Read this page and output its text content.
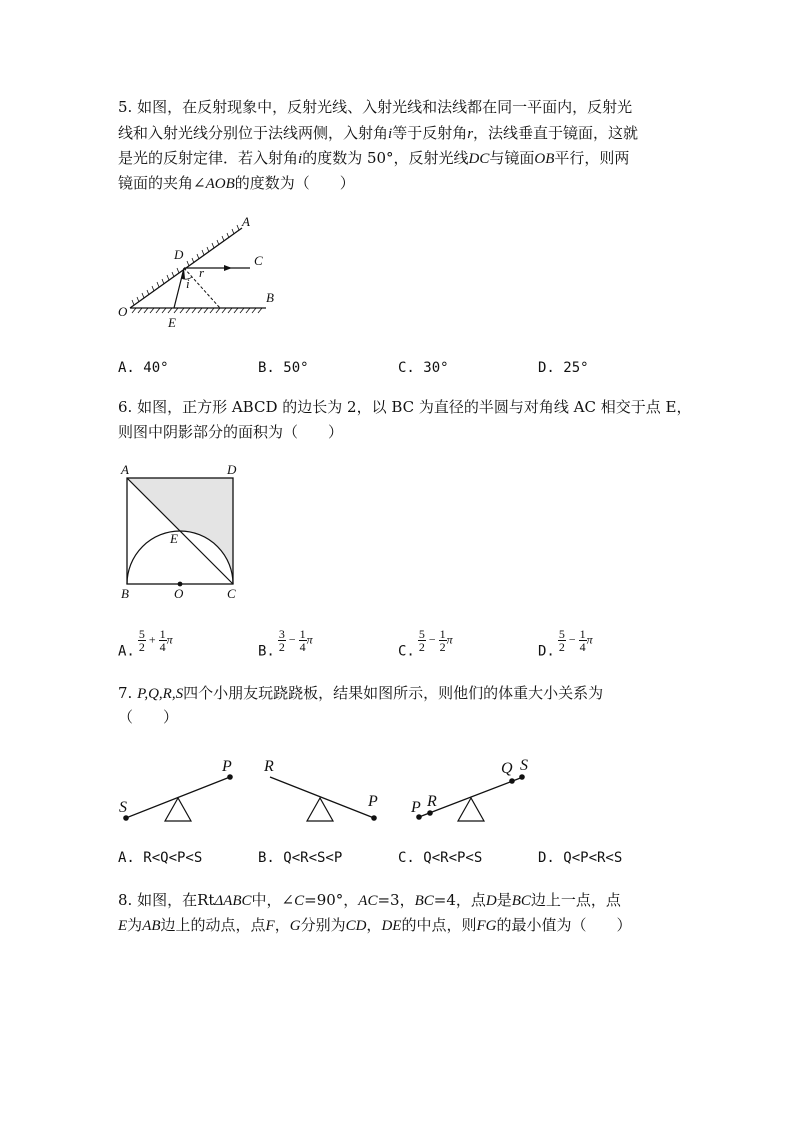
5. 如图，在反射现象中，反射光线、入射光线和法线都在同一平面内，反射光
线和入射光线分别位于法线两侧，入射角i等于反射角r，法线垂直于镜面，这就
是光的反射定律．若入射角i的度数为 50°，反射光线DC与镜面OB平行，则两
镜面的夹角∠AOB的度数为（　　）
A
D	C
r
i
B
O
E
A. 40°	B. 50°	C. 30°	D. 25°
6. 如图，正方形 ABCD 的边长为 2，以 BC 为直径的半圆与对角线 AC 相交于点 E，
则图中阴影部分的面积为（　　）
A	D
E
B	O	C
A. $\frac{5}{2} + \frac{1}{4}$ π
B. $\frac{3}{2} - \frac{1}{4}$ π
C. $\frac{5}{2} - \frac{1}{2}$ π
D. $\frac{5}{2} - \frac{1}{4}$ π
7. P,Q,R,S四个小朋友玩跷跷板，结果如图所示，则他们的体重大小关系为
（　　）
S
P R
P P R
Q S
A. R<Q<P<S	B. Q<R<S<P	C. Q<R<P<S	D. Q<P<R<S
8. 如图，在RtΔABC中，∠C=90°，AC=3，BC=4，点D是BC边上一点，点
E为AB边上的动点，点F，G分别为CD，DE的中点，则FG的最小值为（　　）
